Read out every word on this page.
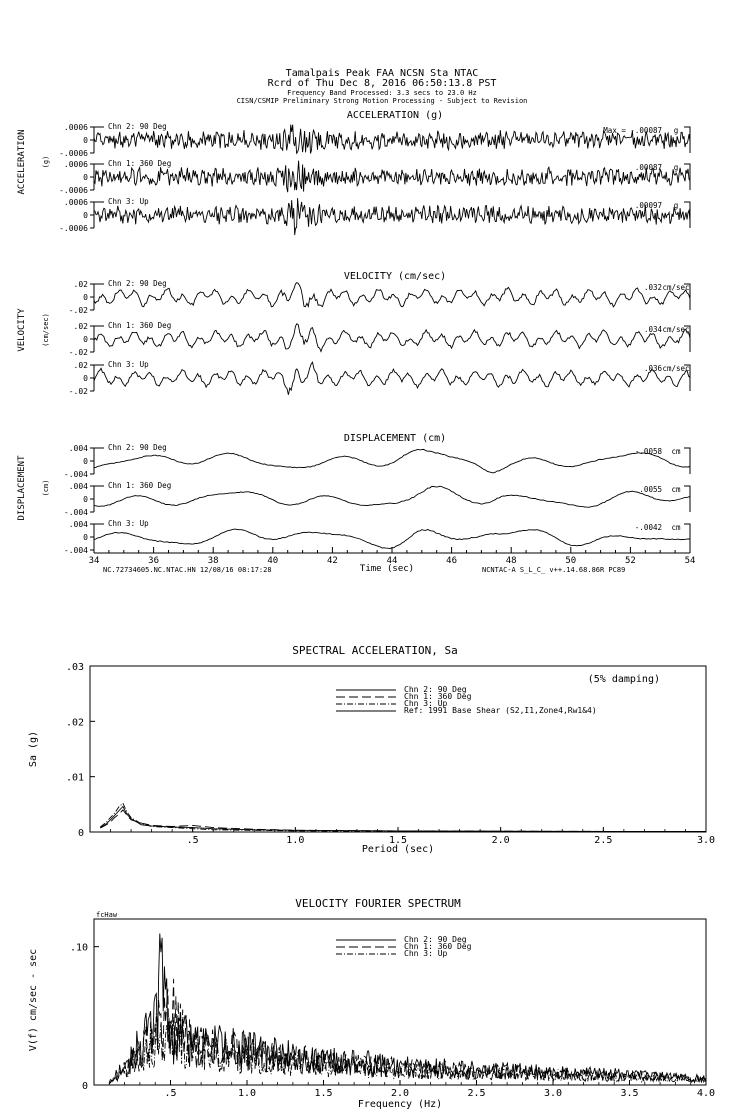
Tamalpais Peak FAA NCSN Sta NTAC
Rcrd of Thu Dec 8, 2016 06:50:13.8 PST
Frequency Band Processed: 3.3 secs to 23.0 Hz
CISN/CSMIP Preliminary Strong Motion Processing - Subject to Revision
ACCELERATION (g)
ACCELERATION (g)
.0006
0
-.0006
Chn 2: 90 Deg	Max = -.00087 g
.0006
0
-.0006
Chn 1: 360 Deg	.00087 g
.0006
0
-.0006
Chn 3: Up	.00097 g
VELOCITY (cm/sec)
VELOCITY (cm/sec)
.02
0
-.02
Chn 2: 90 Deg	.032 cm/sec
.02
0
-.02
Chn 1: 360 Deg	.034 cm/sec
.02
0
-.02
Chn 3: Up	.036 cm/sec
DISPLACEMENT (cm)
DISPLACEMENT (cm)
.004
0
-.004
Chn 2: 90 Deg	-.0058 cm
.004
0
-.004
Chn 1: 360 Deg	.0055 cm
.004
0
-.004
Chn 3: Up	-.0042 cm
34	36	38	40	42	44	46	48	50	52	54
Time (sec)
NC.72734605.NC.NTAC.HN 12/08/16 08:17:28	NCNTAC-A S_L_C_ v++.14.68.86R PC89
SPECTRAL ACCELERATION, Sa
(5% damping)
Sa (g)
Period (sec)
.5	1.0	1.5	2.0	2.5	3.0
0
.01
.02
.03
Chn 2: 90 Deg
Chn 1: 360 Deg
Chn 3: Up
Ref: 1991 Base Shear (S2,I1,Zone4,Rw1&4)
VELOCITY FOURIER SPECTRUM
fcHaw
V(f) cm/sec - sec
Frequency (Hz)
.5	1.0	1.5	2.0	2.5	3.0	3.5	4.0
0
.10
Chn 2: 90 Deg
Chn 1: 360 Deg
Chn 3: Up
